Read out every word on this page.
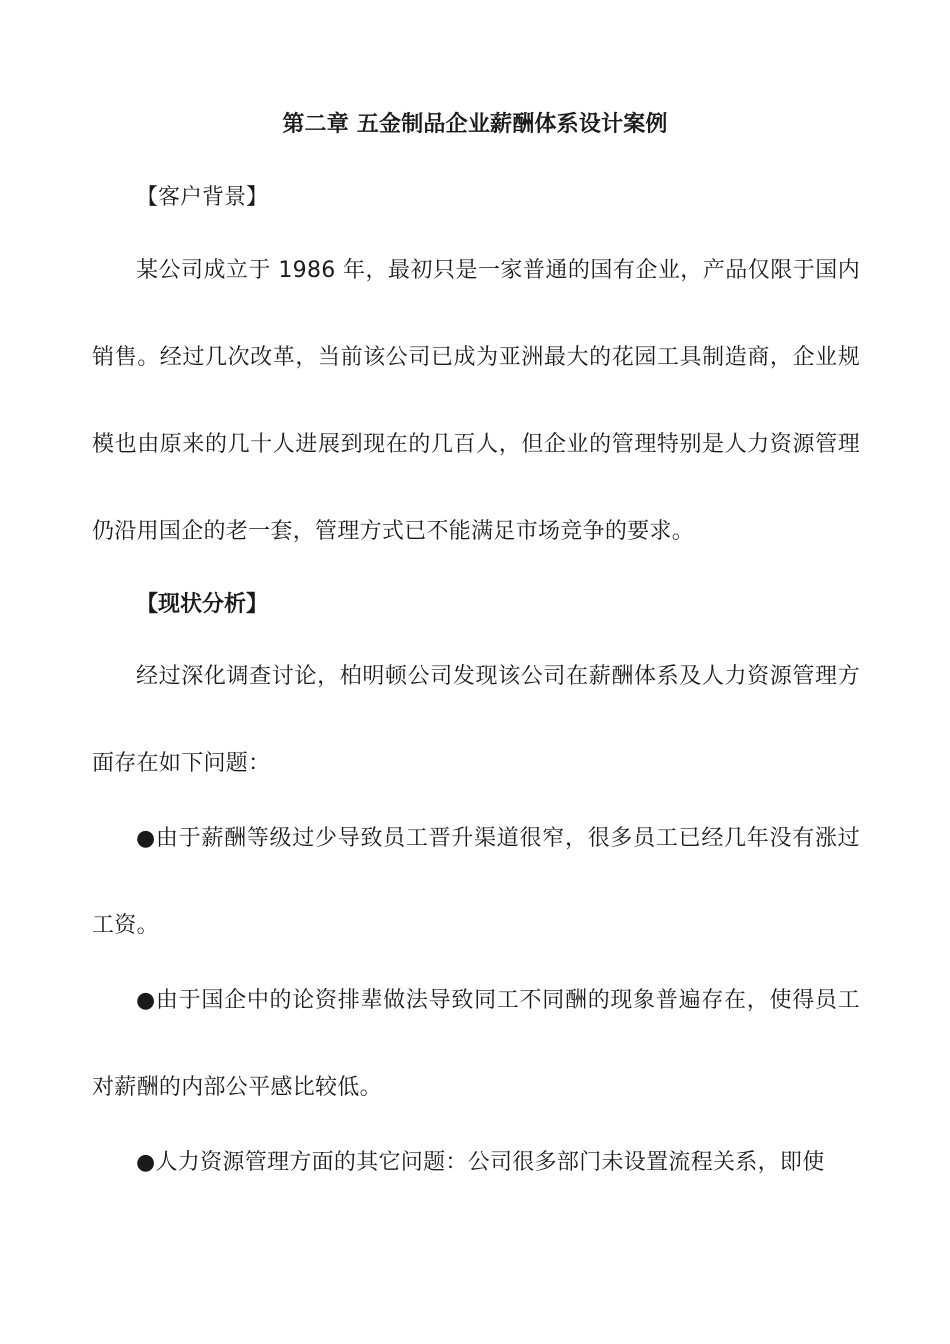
第二章 五金制品企业薪酬体系设计案例
【客户背景】

某公司成立于 1986 年，最初只是一家普通的国有企业，产品仅限于国内销售。经过几次改革，当前该公司已成为亚洲最大的花园工具制造商，企业规模也由原来的几十人进展到现在的几百人，但企业的管理特别是人力资源管理仍沿用国企的老一套，管理方式已不能满足市场竞争的要求。

【现状分析】

经过深化调查讨论，柏明顿公司发现该公司在薪酬体系及人力资源管理方面存在如下问题：

●由于薪酬等级过少导致员工晋升渠道很窄，很多员工已经几年没有涨过工资。

●由于国企中的论资排辈做法导致同工不同酬的现象普遍存在，使得员工对薪酬的内部公平感比较低。

●人力资源管理方面的其它问题：公司很多部门未设置流程关系，即使
